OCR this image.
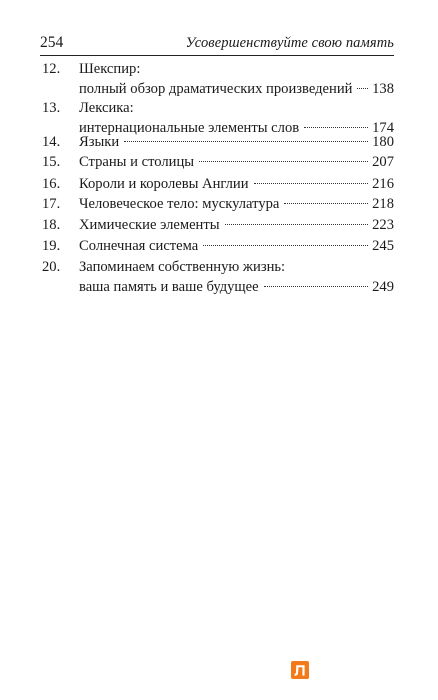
254	Усовершенствуйте свою память
12. Шекспир:
полный обзор драматических произведений 138
13. Лексика:
интернациональные элементы слов	174
14. Языки	180
15. Страны и столицы	207
16. Короли и королевы Англии	216
17. Человеческое тело: мускулатура	218
18. Химические элементы	223
19. Солнечная система	245
20. Запоминаем собственную жизнь:
ваша память и ваше будущее	249
